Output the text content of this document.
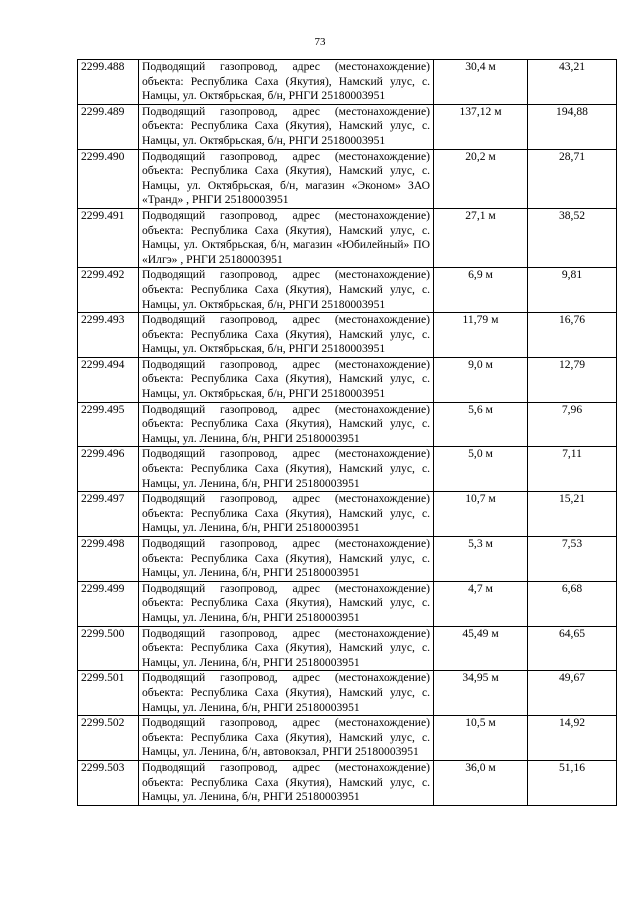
73
2299.488	Подводящий газопровод, адрес (местонахождение) объекта: Республика Саха (Якутия), Намский улус, с. Намцы, ул. Октябрьская, б/н, РНГИ 25180003951	30,4 м	43,21
2299.489	Подводящий газопровод, адрес (местонахождение) объекта: Республика Саха (Якутия), Намский улус, с. Намцы, ул. Октябрьская, б/н, РНГИ 25180003951	137,12 м	194,88
2299.490	Подводящий газопровод, адрес (местонахождение) объекта: Республика Саха (Якутия), Намский улус, с. Намцы, ул. Октябрьская, б/н, магазин «Эконом» ЗАО «Транд» , РНГИ 25180003951	20,2 м	28,71
2299.491	Подводящий газопровод, адрес (местонахождение) объекта: Республика Саха (Якутия), Намский улус, с. Намцы, ул. Октябрьская, б/н, магазин «Юбилейный» ПО «Илгэ» , РНГИ 25180003951	27,1 м	38,52
2299.492	Подводящий газопровод, адрес (местонахождение) объекта: Республика Саха (Якутия), Намский улус, с. Намцы, ул. Октябрьская, б/н, РНГИ 25180003951	6,9 м	9,81
2299.493	Подводящий газопровод, адрес (местонахождение) объекта: Республика Саха (Якутия), Намский улус, с. Намцы, ул. Октябрьская, б/н, РНГИ 25180003951	11,79 м	16,76
2299.494	Подводящий газопровод, адрес (местонахождение) объекта: Республика Саха (Якутия), Намский улус, с. Намцы, ул. Октябрьская, б/н, РНГИ 25180003951	9,0 м	12,79
2299.495	Подводящий газопровод, адрес (местонахождение) объекта: Республика Саха (Якутия), Намский улус, с. Намцы, ул. Ленина, б/н, РНГИ 25180003951	5,6 м	7,96
2299.496	Подводящий газопровод, адрес (местонахождение) объекта: Республика Саха (Якутия), Намский улус, с. Намцы, ул. Ленина, б/н, РНГИ 25180003951	5,0 м	7,11
2299.497	Подводящий газопровод, адрес (местонахождение) объекта: Республика Саха (Якутия), Намский улус, с. Намцы, ул. Ленина, б/н, РНГИ 25180003951	10,7 м	15,21
2299.498	Подводящий газопровод, адрес (местонахождение) объекта: Республика Саха (Якутия), Намский улус, с. Намцы, ул. Ленина, б/н, РНГИ 25180003951	5,3 м	7,53
2299.499	Подводящий газопровод, адрес (местонахождение) объекта: Республика Саха (Якутия), Намский улус, с. Намцы, ул. Ленина, б/н, РНГИ 25180003951	4,7 м	6,68
2299.500	Подводящий газопровод, адрес (местонахождение) объекта: Республика Саха (Якутия), Намский улус, с. Намцы, ул. Ленина, б/н, РНГИ 25180003951	45,49 м	64,65
2299.501	Подводящий газопровод, адрес (местонахождение) объекта: Республика Саха (Якутия), Намский улус, с. Намцы, ул. Ленина, б/н, РНГИ 25180003951	34,95 м	49,67
2299.502	Подводящий газопровод, адрес (местонахождение) объекта: Республика Саха (Якутия), Намский улус, с. Намцы, ул. Ленина, б/н, автовокзал, РНГИ 25180003951	10,5 м	14,92
2299.503	Подводящий газопровод, адрес (местонахождение) объекта: Республика Саха (Якутия), Намский улус, с. Намцы, ул. Ленина, б/н, РНГИ 25180003951	36,0 м	51,16
